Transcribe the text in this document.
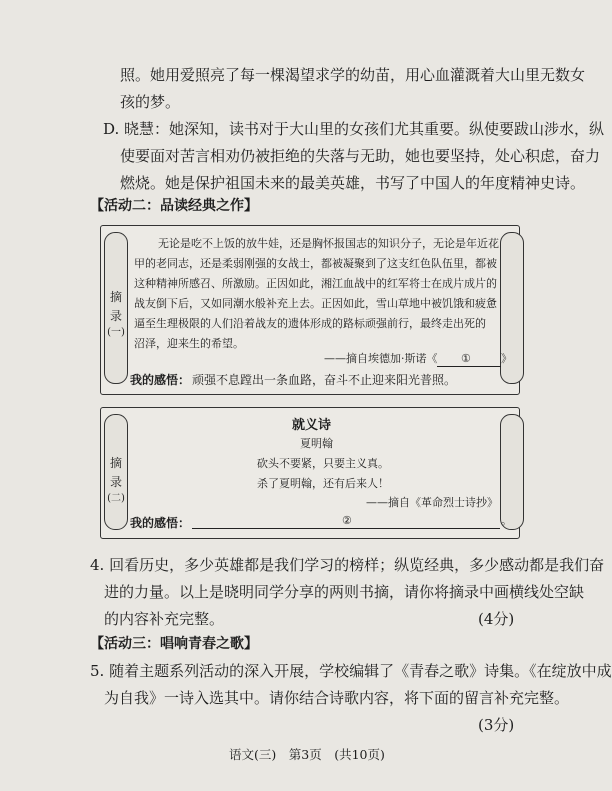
照。她用爱照亮了每一棵渴望求学的幼苗，用心血灌溉着大山里无数女
孩的梦。
D. 晓慧：她深知，读书对于大山里的女孩们尤其重要。纵使要跋山涉水，纵
使要面对苦言相劝仍被拒绝的失落与无助，她也要坚持，处心积虑，奋力
燃烧。她是保护祖国未来的最美英雄，书写了中国人的年度精神史诗。
【活动二：品读经典之作】
摘
录
(一)
无论是吃不上饭的放牛娃，还是胸怀报国志的知识分子，无论是年近花
甲的老同志，还是柔弱刚强的女战士，都被凝聚到了这支红色队伍里，都被
这种精神所感召、所激励。正因如此，湘江血战中的红军将士在成片成片的
战友倒下后，又如同潮水般补充上去。正因如此，雪山草地中被饥饿和疲惫
逼至生理极限的人们沿着战友的遗体形成的路标顽强前行，最终走出死的
沼泽，迎来生的希望。
——摘自埃德加·斯诺《 ①	》
我的感悟： 顽强不息蹚出一条血路，奋斗不止迎来阳光普照。
摘
录
(二)
就义诗
夏明翰
砍头不要紧，只要主义真。
杀了夏明翰，还有后来人！
——摘自《革命烈士诗抄》
我的感悟：	②	。
4. 回看历史，多少英雄都是我们学习的榜样；纵览经典，多少感动都是我们奋
进的力量。以上是晓明同学分享的两则书摘，请你将摘录中画横线处空缺
的内容补充完整。	(4分)
【活动三：唱响青春之歌】
5. 随着主题系列活动的深入开展，学校编辑了《青春之歌》诗集。《在绽放中成
为自我》一诗入选其中。请你结合诗歌内容，将下面的留言补充完整。
(3分)
语文(三)　第3页　(共10页)
